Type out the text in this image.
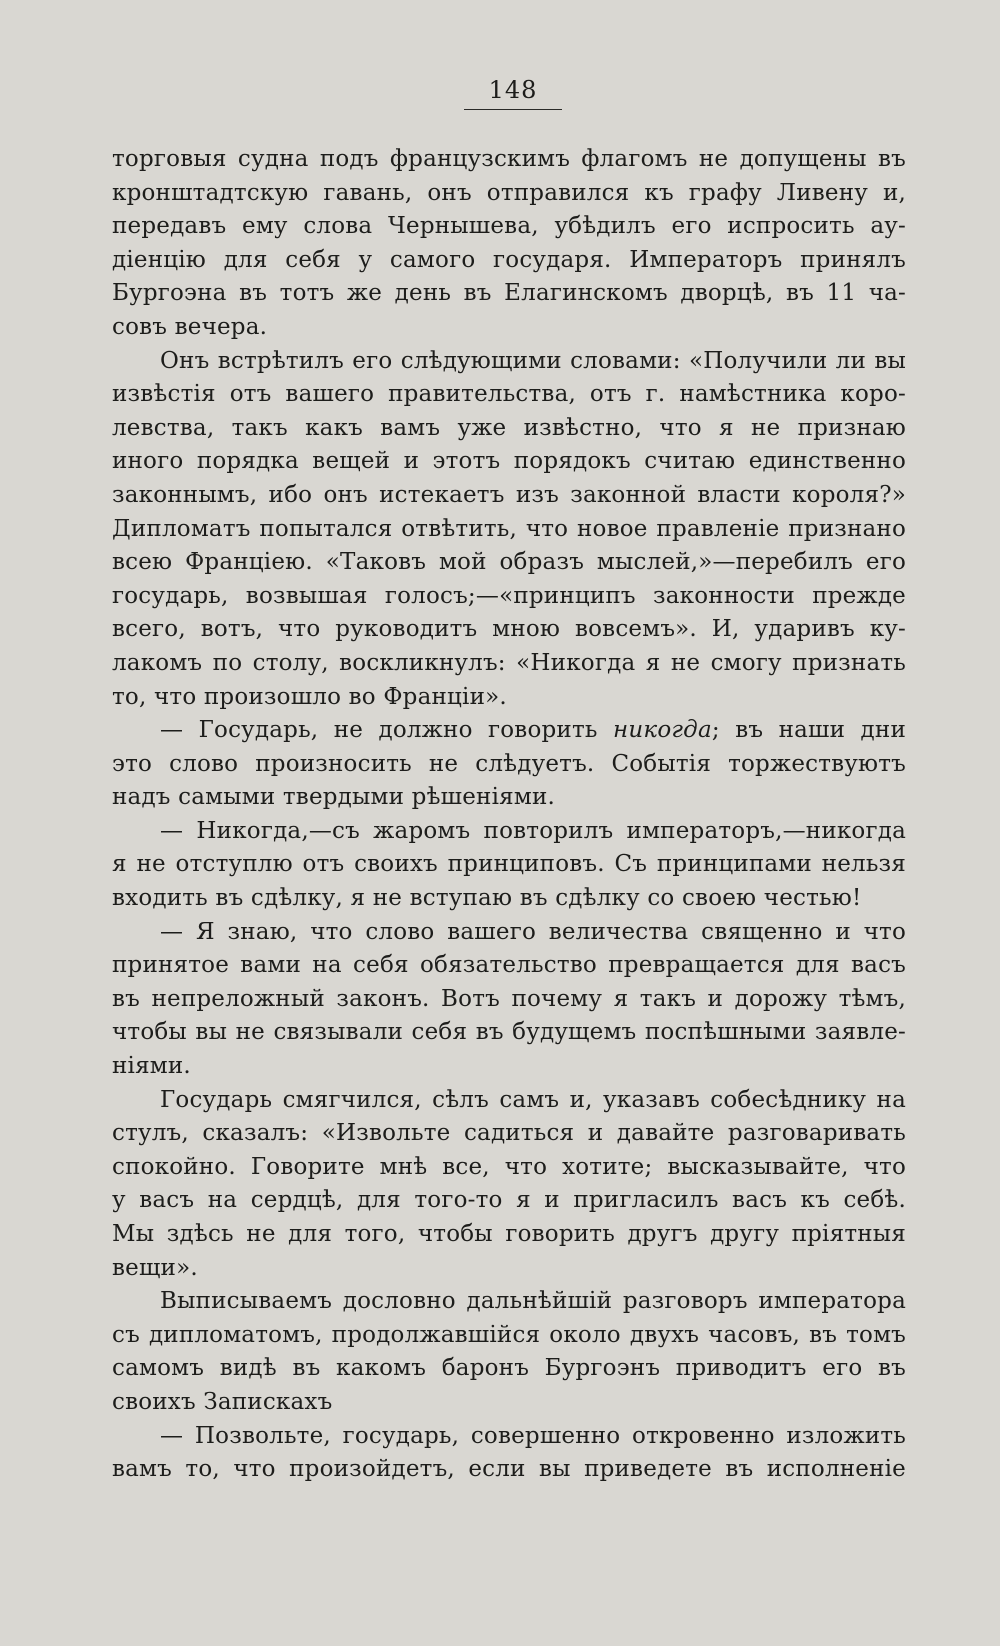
148
торговыя судна подъ французскимъ флагомъ не допущены въ
кронштадтскую гавань, онъ отправился къ графу Ливену и,
передавъ ему слова Чернышева, убѣдилъ его испросить ау-
діенцію для себя у самого государя. Императоръ принялъ
Бургоэна въ тотъ же день въ Елагинскомъ дворцѣ, въ 11 ча-
совъ вечера.
Онъ встрѣтилъ его слѣдующими словами: «Получили ли вы
извѣстія отъ вашего правительства, отъ г. намѣстника коро-
левства, такъ какъ вамъ уже извѣстно, что я не признаю
иного порядка вещей и этотъ порядокъ считаю единственно
законнымъ, ибо онъ истекаетъ изъ законной власти короля?»
Дипломатъ попытался отвѣтить, что новое правленіе признано
всею Франціею. «Таковъ мой образъ мыслей,»—перебилъ его
государь, возвышая голосъ;—«принципъ законности прежде
всего, вотъ, что руководитъ мною вовсемъ». И, ударивъ ку-
лакомъ по столу, воскликнулъ: «Никогда я не смогу признать
то, что произошло во Франціи».
— Государь, не должно говорить никогда; въ наши дни
это слово произносить не слѣдуетъ. Событія торжествуютъ
надъ самыми твердыми рѣшеніями.
— Никогда,—съ жаромъ повторилъ императоръ,—никогда
я не отступлю отъ своихъ принциповъ. Съ принципами нельзя
входить въ сдѣлку, я не вступаю въ сдѣлку со своею честью!
— Я знаю, что слово вашего величества священно и что
принятое вами на себя обязательство превращается для васъ
въ непреложный законъ. Вотъ почему я такъ и дорожу тѣмъ,
чтобы вы не связывали себя въ будущемъ поспѣшными заявле-
ніями.
Государь смягчился, сѣлъ самъ и, указавъ собесѣднику на
стулъ, сказалъ: «Извольте садиться и давайте разговаривать
спокойно. Говорите мнѣ все, что хотите; высказывайте, что
у васъ на сердцѣ, для того-то я и пригласилъ васъ къ себѣ.
Мы здѣсь не для того, чтобы говорить другъ другу пріятныя
вещи».
Выписываемъ дословно дальнѣйшій разговоръ императора
съ дипломатомъ, продолжавшійся около двухъ часовъ, въ томъ
самомъ видѣ въ какомъ баронъ Бургоэнъ приводитъ его въ
своихъ Запискахъ
— Позвольте, государь, совершенно откровенно изложить
вамъ то, что произойдетъ, если вы приведете въ исполненіе
